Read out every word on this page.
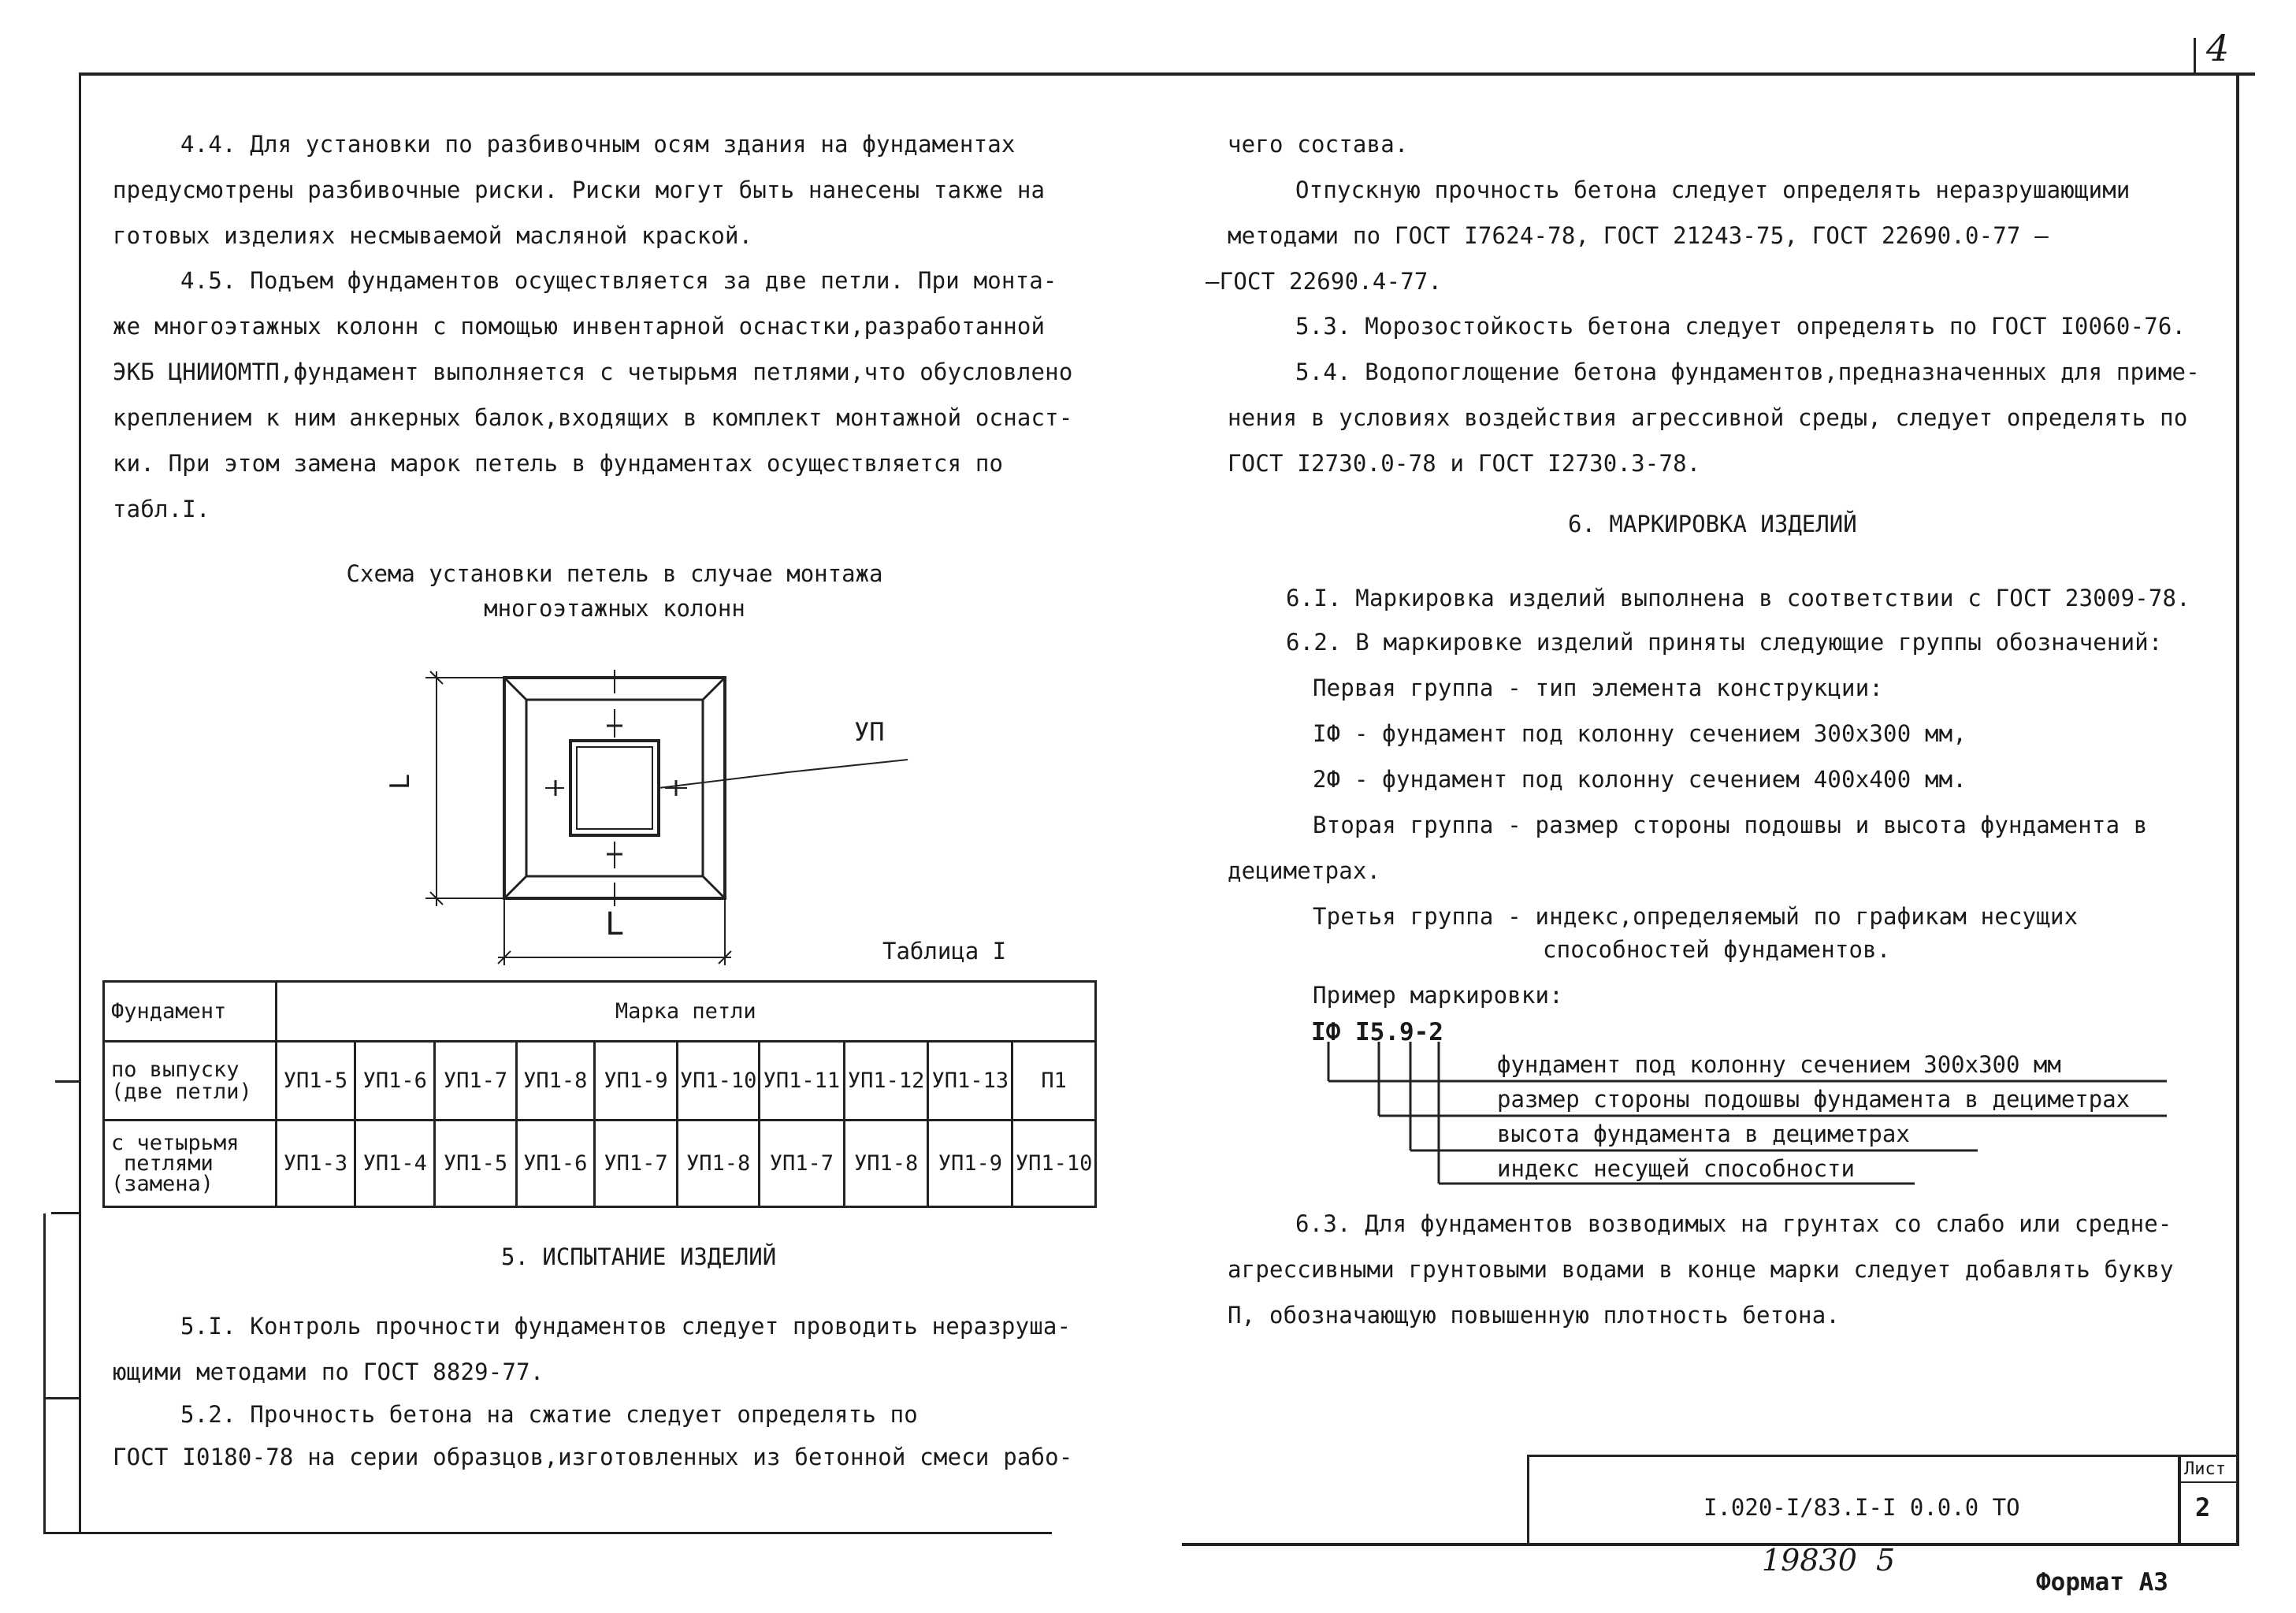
4
4.4. Для установки по разбивочным осям здания на фундаментах
предусмотрены разбивочные риски. Риски могут быть нанесены также на
готовых изделиях несмываемой масляной краской.
4.5. Подъем фундаментов осуществляется за две петли. При монта-
же многоэтажных колонн с помощью инвентарной оснастки,разработанной
ЭКБ ЦНИИОМТП,фундамент выполняется с четырьмя петлями,что обусловлено
креплением к ним анкерных балок,входящих в комплект монтажной оснаст-
ки. При этом замена марок петель в фундаментах осуществляется по
табл.I.
Схема установки петель в случае монтажа
многоэтажных колонн
L
L
УП
Таблица I
Фундамент	Марка петли									

по выпуску
(две петли)	УП1-5	УП1-6	УП1-7	УП1-8	УП1-9	УП1-10	УП1-11	УП1-12	УП1-13	П1

с четырьмя
петлями
(замена)	УП1-3	УП1-4	УП1-5	УП1-6	УП1-7	УП1-8	УП1-7	УП1-8	УП1-9	УП1-10
5. ИСПЫТАНИЕ ИЗДЕЛИЙ
5.I. Контроль прочности фундаментов следует проводить неразруша-
ющими методами по ГОСТ 8829-77.
5.2. Прочность бетона на сжатие следует определять по
ГОСТ I0180-78 на серии образцов,изготовленных из бетонной смеси рабо-
чего состава.
Отпускную прочность бетона следует определять неразрушающими
методами по ГОСТ I7624-78, ГОСТ 21243-75, ГОСТ 22690.0-77 —
—ГОСТ 22690.4-77.
5.3. Морозостойкость бетона следует определять по ГОСТ I0060-76.
5.4. Водопоглощение бетона фундаментов,предназначенных для приме-
нения в условиях воздействия агрессивной среды, следует определять по
ГОСТ I2730.0-78 и ГОСТ I2730.3-78.
6. МАРКИРОВКА ИЗДЕЛИЙ
6.I. Маркировка изделий выполнена в соответствии с ГОСТ 23009-78.
6.2. В маркировке изделий приняты следующие группы обозначений:
Первая группа - тип элемента конструкции:
IФ - фундамент под колонну сечением 300x300 мм,
2Ф - фундамент под колонну сечением 400x400 мм.
Вторая группа - размер стороны подошвы и высота фундамента в
дециметрах.
Третья группа - индекс,определяемый по графикам несущих
способностей фундаментов.
Пример маркировки:
IФ I5.9-2
фундамент под колонну сечением 300x300 мм
размер стороны подошвы фундамента в дециметрах
высота фундамента в дециметрах
индекс несущей способности
6.3. Для фундаментов возводимых на грунтах со слабо или средне-
агрессивными грунтовыми водами в конце марки следует добавлять букву
П, обозначающую повышенную плотность бетона.
I.020-I/83.I-I 0.0.0 ТО
Лист
2
19830  5
Формат А3
